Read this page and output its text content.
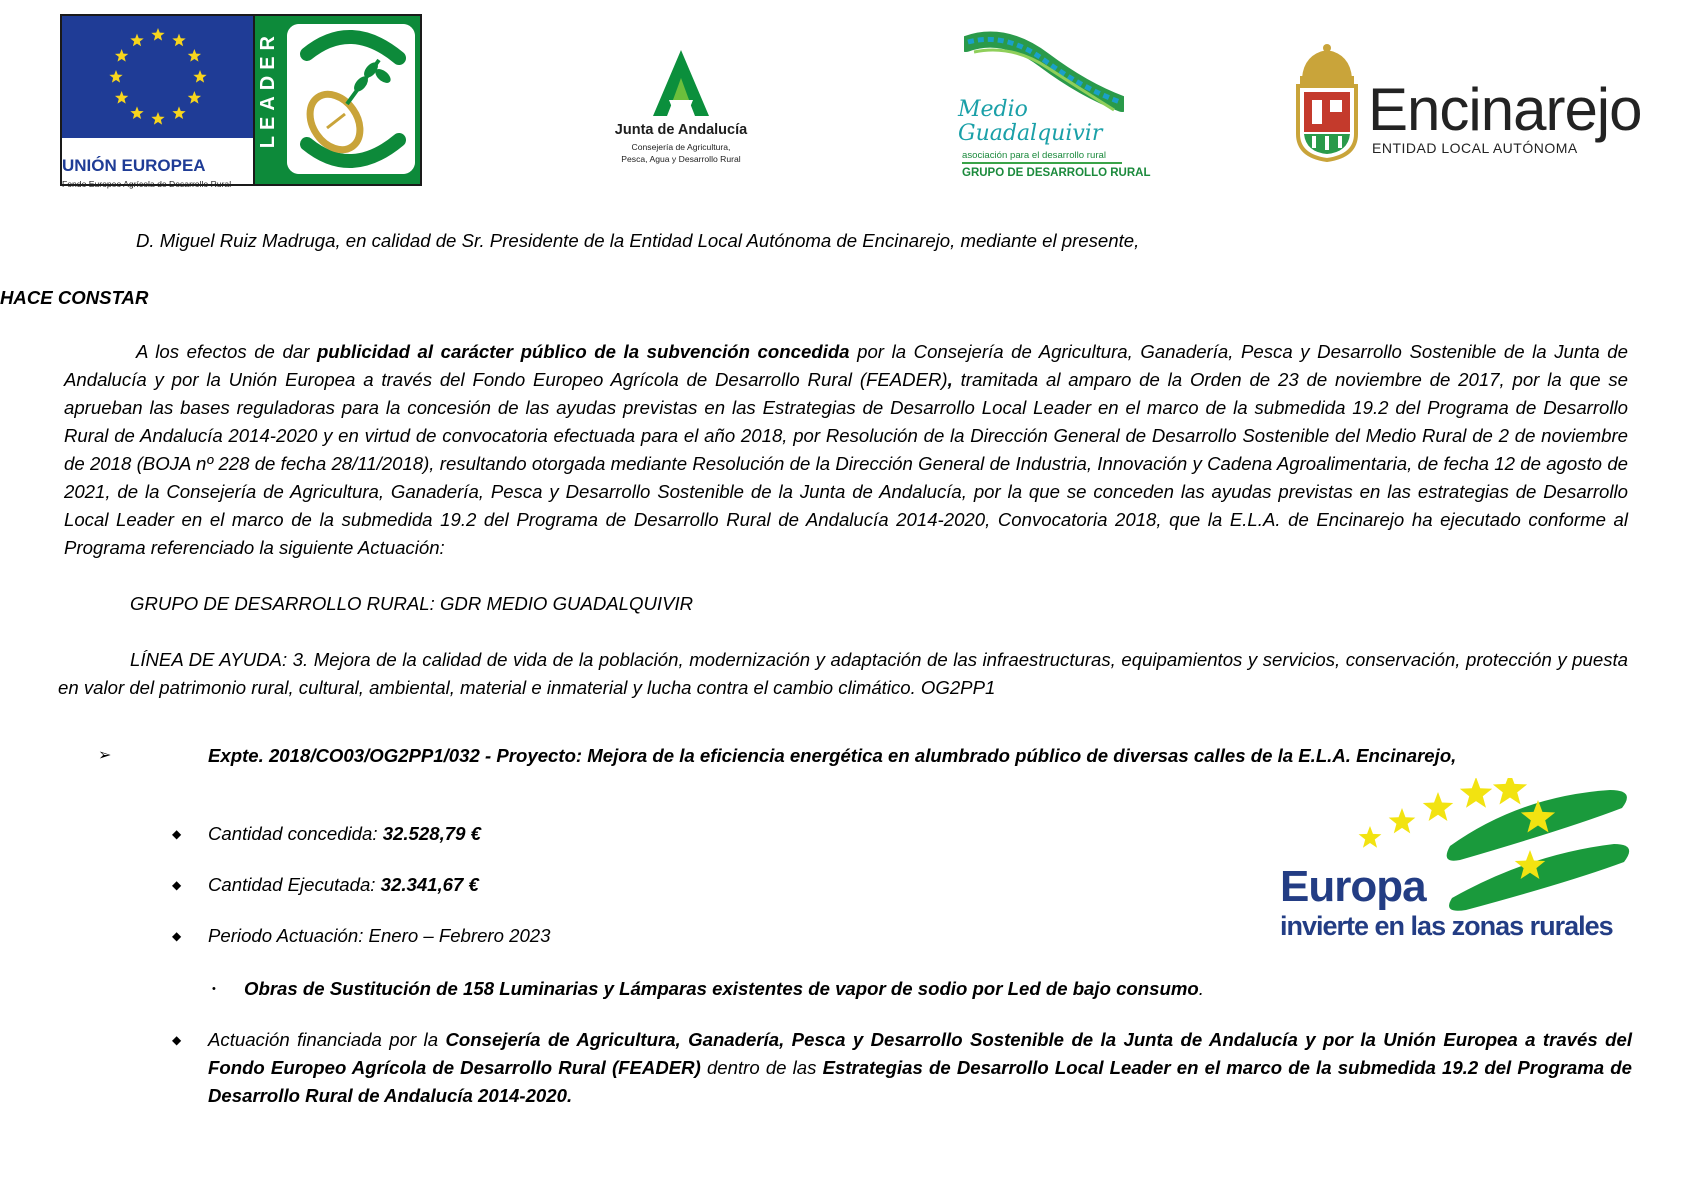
UNIÓN EUROPEA
Fondo Europeo Agrícola de Desarrollo Rural
LEADER	Junta de Andalucía
Consejería de Agricultura,
Pesca, Agua y Desarrollo Rural
Medio
Guadalquivir
asociación para el desarrollo rural
GRUPO DE DESARROLLO RURAL
Encinarejo
ENTIDAD LOCAL AUTÓNOMA
D. Miguel Ruiz Madruga, en calidad de Sr. Presidente de la Entidad Local Autónoma de Encinarejo, mediante el presente,
HACE CONSTAR
A los efectos de dar publicidad al carácter público de la subvención concedida por la Consejería de Agricultura, Ganadería, Pesca y Desarrollo Sostenible de la Junta de Andalucía y por la Unión Europea a través del Fondo Europeo Agrícola de Desarrollo Rural (FEADER), tramitada al amparo de la Orden de 23 de noviembre de 2017, por la que se aprueban las bases reguladoras para la concesión de las ayudas previstas en las Estrategias de Desarrollo Local Leader en el marco de la submedida 19.2 del Programa de Desarrollo Rural de Andalucía 2014-2020 y en virtud de convocatoria efectuada para el año 2018, por Resolución de la Dirección General de Desarrollo Sostenible del Medio Rural de 2 de noviembre de 2018 (BOJA nº 228 de fecha 28/11/2018), resultando otorgada mediante Resolución de la Dirección General de Industria, Innovación y Cadena Agroalimentaria, de fecha 12 de agosto de 2021, de la Consejería de Agricultura, Ganadería, Pesca y Desarrollo Sostenible de la Junta de Andalucía, por la que se conceden las ayudas previstas en las estrategias de Desarrollo Local Leader en el marco de la submedida 19.2 del Programa de Desarrollo Rural de Andalucía 2014-2020, Convocatoria 2018, que la E.L.A. de Encinarejo ha ejecutado conforme al Programa referenciado la siguiente Actuación:
GRUPO DE DESARROLLO RURAL: GDR MEDIO GUADALQUIVIR
LÍNEA DE AYUDA: 3. Mejora de la calidad de vida de la población, modernización y adaptación de las infraestructuras, equipamientos y servicios, conservación, protección y puesta en valor del patrimonio rural, cultural, ambiental, material e inmaterial y lucha contra el cambio climático. OG2PP1
➢	Expte. 2018/CO03/OG2PP1/032 - Proyecto: Mejora de la eficiencia energética en alumbrado público de diversas calles de la E.L.A. Encinarejo,
◆ Cantidad concedida: 32.528,79 €
◆ Cantidad Ejecutada: 32.341,67 €
◆ Periodo Actuación: Enero – Febrero 2023
• Obras de Sustitución de 158 Luminarias y Lámparas existentes de vapor de sodio por Led de bajo consumo.
◆ Actuación financiada por la Consejería de Agricultura, Ganadería, Pesca y Desarrollo Sostenible de la Junta de Andalucía y por la Unión Europea a través del Fondo Europeo Agrícola de Desarrollo Rural (FEADER) dentro de las Estrategias de Desarrollo Local Leader en el marco de la submedida 19.2 del Programa de Desarrollo Rural de Andalucía 2014-2020.
Europa
invierte en las zonas rurales
